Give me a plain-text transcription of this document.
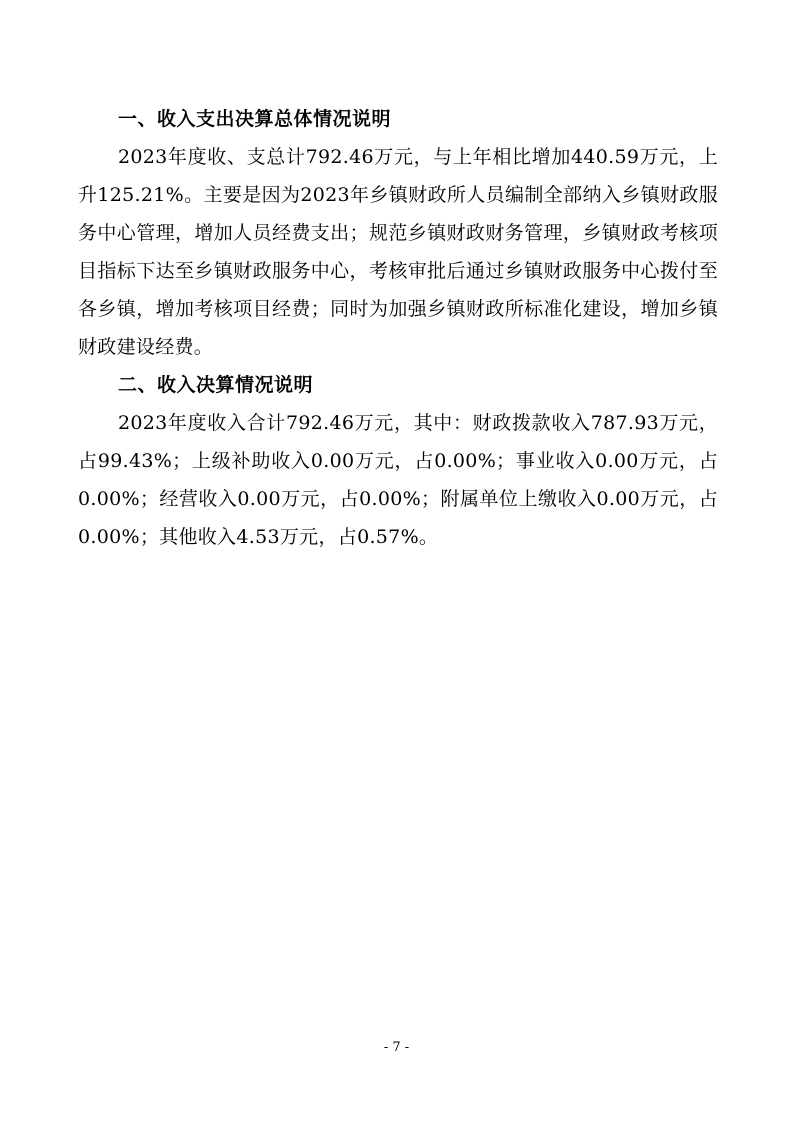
一、收入支出决算总体情况说明

2023年度收、支总计792.46万元，与上年相比增加440.59万元，上升125.21%。主要是因为2023年乡镇财政所人员编制全部纳入乡镇财政服务中心管理，增加人员经费支出；规范乡镇财政财务管理，乡镇财政考核项目指标下达至乡镇财政服务中心，考核审批后通过乡镇财政服务中心拨付至各乡镇，增加考核项目经费；同时为加强乡镇财政所标准化建设，增加乡镇财政建设经费。

二、收入决算情况说明

2023年度收入合计792.46万元，其中：财政拨款收入787.93万元，占99.43%；上级补助收入0.00万元，占0.00%；事业收入0.00万元，占0.00%；经营收入0.00万元，占0.00%；附属单位上缴收入0.00万元，占0.00%；其他收入4.53万元，占0.57%。

- 7 -
